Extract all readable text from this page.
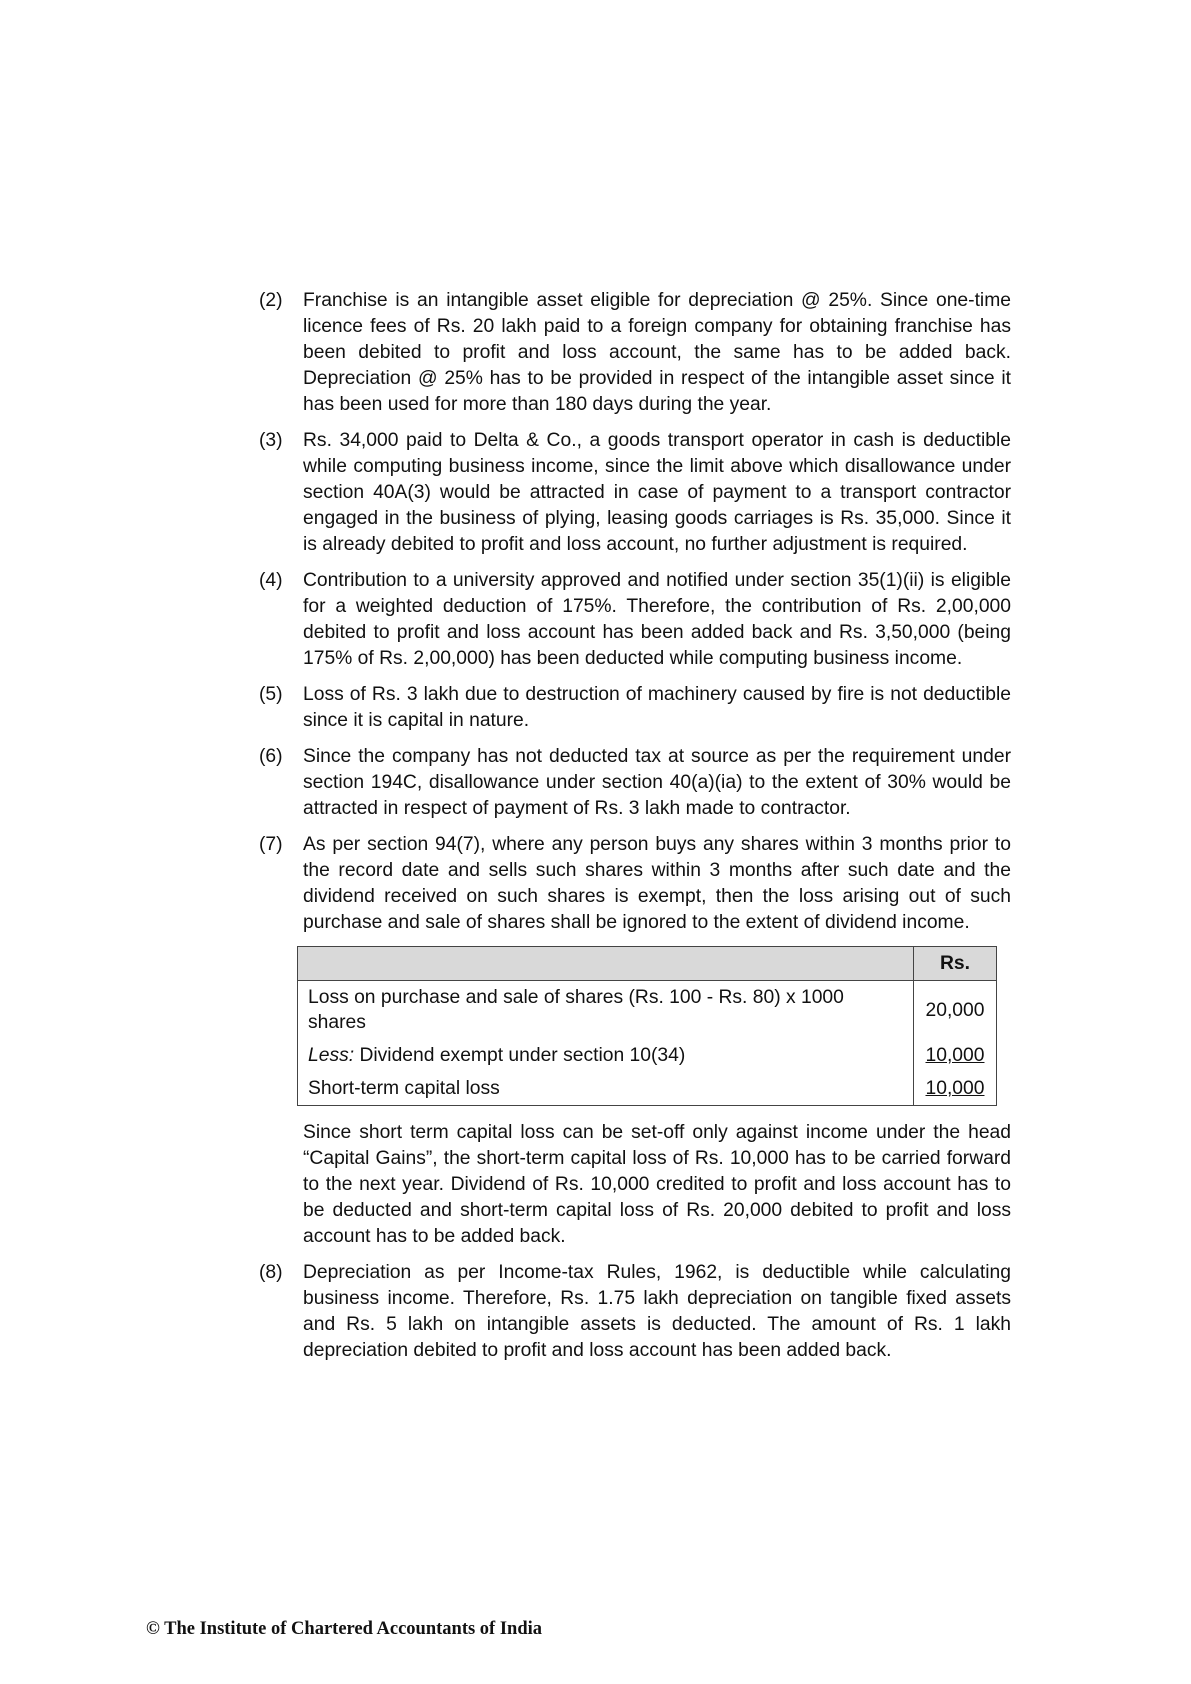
(2)	Franchise is an intangible asset eligible for depreciation @ 25%. Since one-time licence fees of Rs. 20 lakh paid to a foreign company for obtaining franchise has been debited to profit and loss account, the same has to be added back. Depreciation @ 25% has to be provided in respect of the intangible asset since it has been used for more than 180 days during the year.
(3)	Rs. 34,000 paid to Delta & Co., a goods transport operator in cash is deductible while computing business income, since the limit above which disallowance under section 40A(3) would be attracted in case of payment to a transport contractor engaged in the business of plying, leasing goods carriages is Rs. 35,000. Since it is already debited to profit and loss account, no further adjustment is required.
(4)	Contribution to a university approved and notified under section 35(1)(ii) is eligible for a weighted deduction of 175%. Therefore, the contribution of Rs. 2,00,000 debited to profit and loss account has been added back and Rs. 3,50,000 (being 175% of Rs. 2,00,000) has been deducted while computing business income.
(5)	Loss of Rs. 3 lakh due to destruction of machinery caused by fire is not deductible since it is capital in nature.
(6)	Since the company has not deducted tax at source as per the requirement under section 194C, disallowance under section 40(a)(ia) to the extent of 30% would be attracted in respect of payment of Rs. 3 lakh made to contractor.
(7)	As per section 94(7), where any person buys any shares within 3 months prior to the record date and sells such shares within 3 months after such date and the dividend received on such shares is exempt, then the loss arising out of such purchase and sale of shares shall be ignored to the extent of dividend income.
	Rs.
Loss on purchase and sale of shares (Rs. 100 - Rs. 80) x 1000 shares	20,000
Less: Dividend exempt under section 10(34)	10,000
Short-term capital loss	10,000
Since short term capital loss can be set-off only against income under the head “Capital Gains”, the short-term capital loss of Rs. 10,000 has to be carried forward to the next year. Dividend of Rs. 10,000 credited to profit and loss account has to be deducted and short-term capital loss of Rs. 20,000 debited to profit and loss account has to be added back.
(8)	Depreciation as per Income-tax Rules, 1962, is deductible while calculating business income. Therefore, Rs. 1.75 lakh depreciation on tangible fixed assets and Rs. 5 lakh on intangible assets is deducted. The amount of Rs. 1 lakh depreciation debited to profit and loss account has been added back.
© The Institute of Chartered Accountants of India
